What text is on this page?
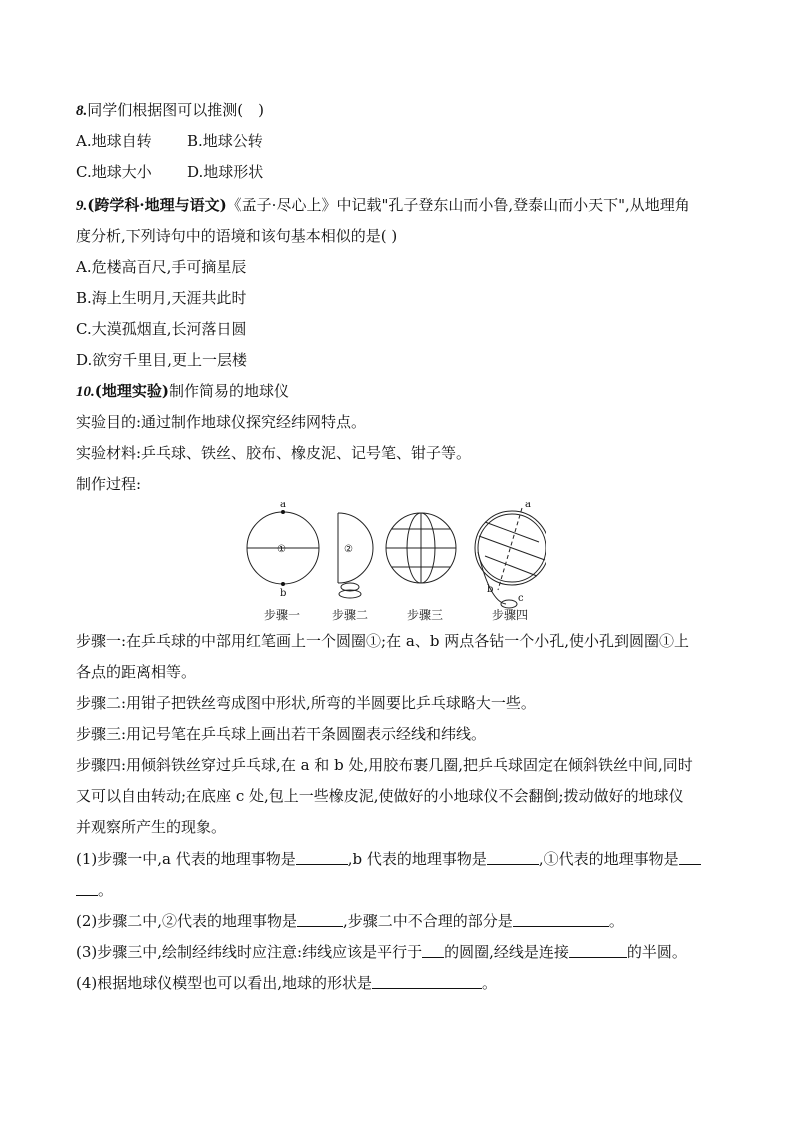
8.同学们根据图可以推测(　)
A.地球自转 B.地球公转
C.地球大小 D.地球形状
9.(跨学科·地理与语文)《孟子·尽心上》中记载"孔子登东山而小鲁,登泰山而小天下",从地理角
度分析,下列诗句中的语境和该句基本相似的是( )
A.危楼高百尺,手可摘星辰
B.海上生明月,天涯共此时
C.大漠孤烟直,长河落日圆
D.欲穷千里目,更上一层楼
10.(地理实验)制作简易的地球仪
实验目的:通过制作地球仪探究经纬网特点。
实验材料:乒乓球、铁丝、胶布、橡皮泥、记号笔、钳子等。
制作过程:
a
b
①	②
a
b
c
步骤一	步骤二	步骤三	步骤四
步骤一:在乒乓球的中部用红笔画上一个圆圈①;在 a、b 两点各钻一个小孔,使小孔到圆圈①上
各点的距离相等。
步骤二:用钳子把铁丝弯成图中形状,所弯的半圆要比乒乓球略大一些。
步骤三:用记号笔在乒乓球上画出若干条圆圈表示经线和纬线。
步骤四:用倾斜铁丝穿过乒乓球,在 a 和 b 处,用胶布裹几圈,把乒乓球固定在倾斜铁丝中间,同时
又可以自由转动;在底座 c 处,包上一些橡皮泥,使做好的小地球仪不会翻倒;拨动做好的地球仪
并观察所产生的现象。
(1)步骤一中,a 代表的地理事物是	,b 代表的地理事物是	,①代表的地理事物是
。
(2)步骤二中,②代表的地理事物是	,步骤二中不合理的部分是	。
(3)步骤三中,绘制经纬线时应注意:纬线应该是平行于 的圆圈,经线是连接	的半圆。
(4)根据地球仪模型也可以看出,地球的形状是	。
